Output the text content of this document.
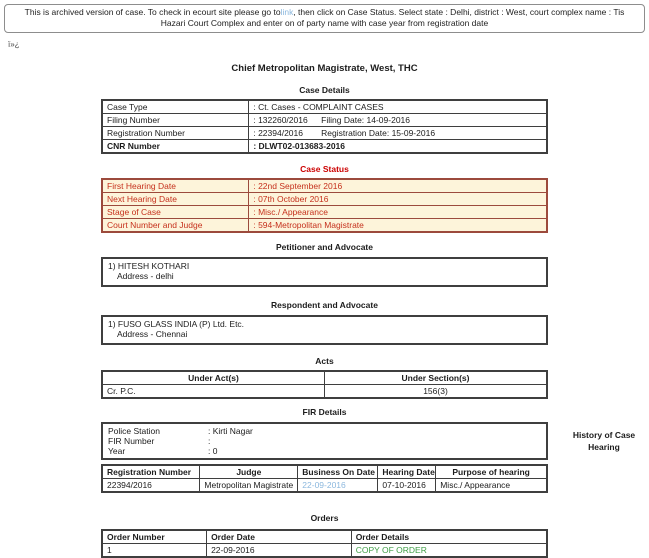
This is archived version of case. To check in ecourt site please go tolink, then click on Case Status. Select state : Delhi, district : West, court complex name : Tis Hazari Court Complex and enter on of party name with case year from registration date
ï»¿
Chief Metropolitan Magistrate, West, THC
Case Details
Case Type	: Ct. Cases - COMPLAINT CASES
Filing Number	: 132260/2016 Filing Date: 14-09-2016
Registration Number	: 22394/2016 Registration Date: 15-09-2016
CNR Number	: DLWT02-013683-2016
Case Status
First Hearing Date	: 22nd September 2016
Next Hearing Date	: 07th October 2016
Stage of Case	: Misc./ Appearance
Court Number and Judge	: 594-Metropolitan Magistrate
Petitioner and Advocate
1) HITESH KOTHARI
Address - delhi
Respondent and Advocate
1) FUSO GLASS INDIA (P) Ltd. Etc.
Address - Chennai
Acts
Under Act(s)	Under Section(s)
Cr. P.C.	156(3)
FIR Details
Police Station	: Kirti Nagar
FIR Number	:
Year	: 0
History of Case Hearing
Registration Number	Judge	Business On Date	Hearing Date	Purpose of hearing
22394/2016	Metropolitan Magistrate	22-09-2016	07-10-2016	Misc./ Appearance
Orders
Order Number	Order Date	Order Details
1	22-09-2016	COPY OF ORDER
